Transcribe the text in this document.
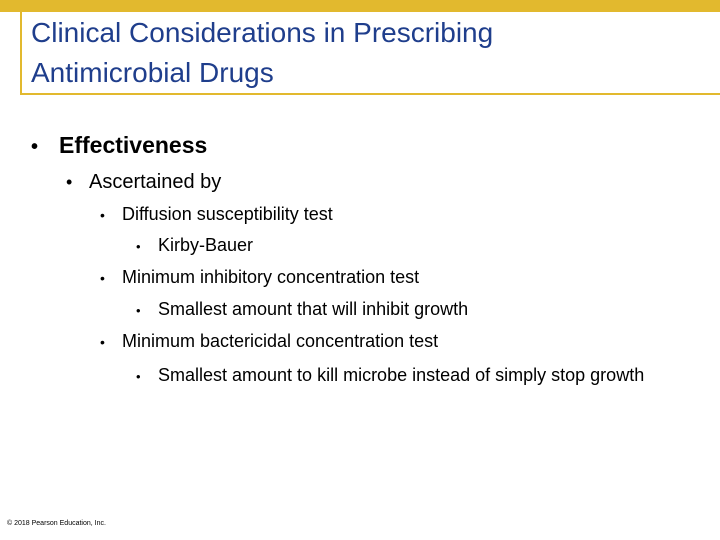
Clinical Considerations in Prescribing
Antimicrobial Drugs
• Effectiveness
• Ascertained by
• Diffusion susceptibility test
• Kirby-Bauer
• Minimum inhibitory concentration test
• Smallest amount that will inhibit growth
• Minimum bactericidal concentration test
• Smallest amount to kill microbe instead of simply stop growth
© 2018 Pearson Education, Inc.
